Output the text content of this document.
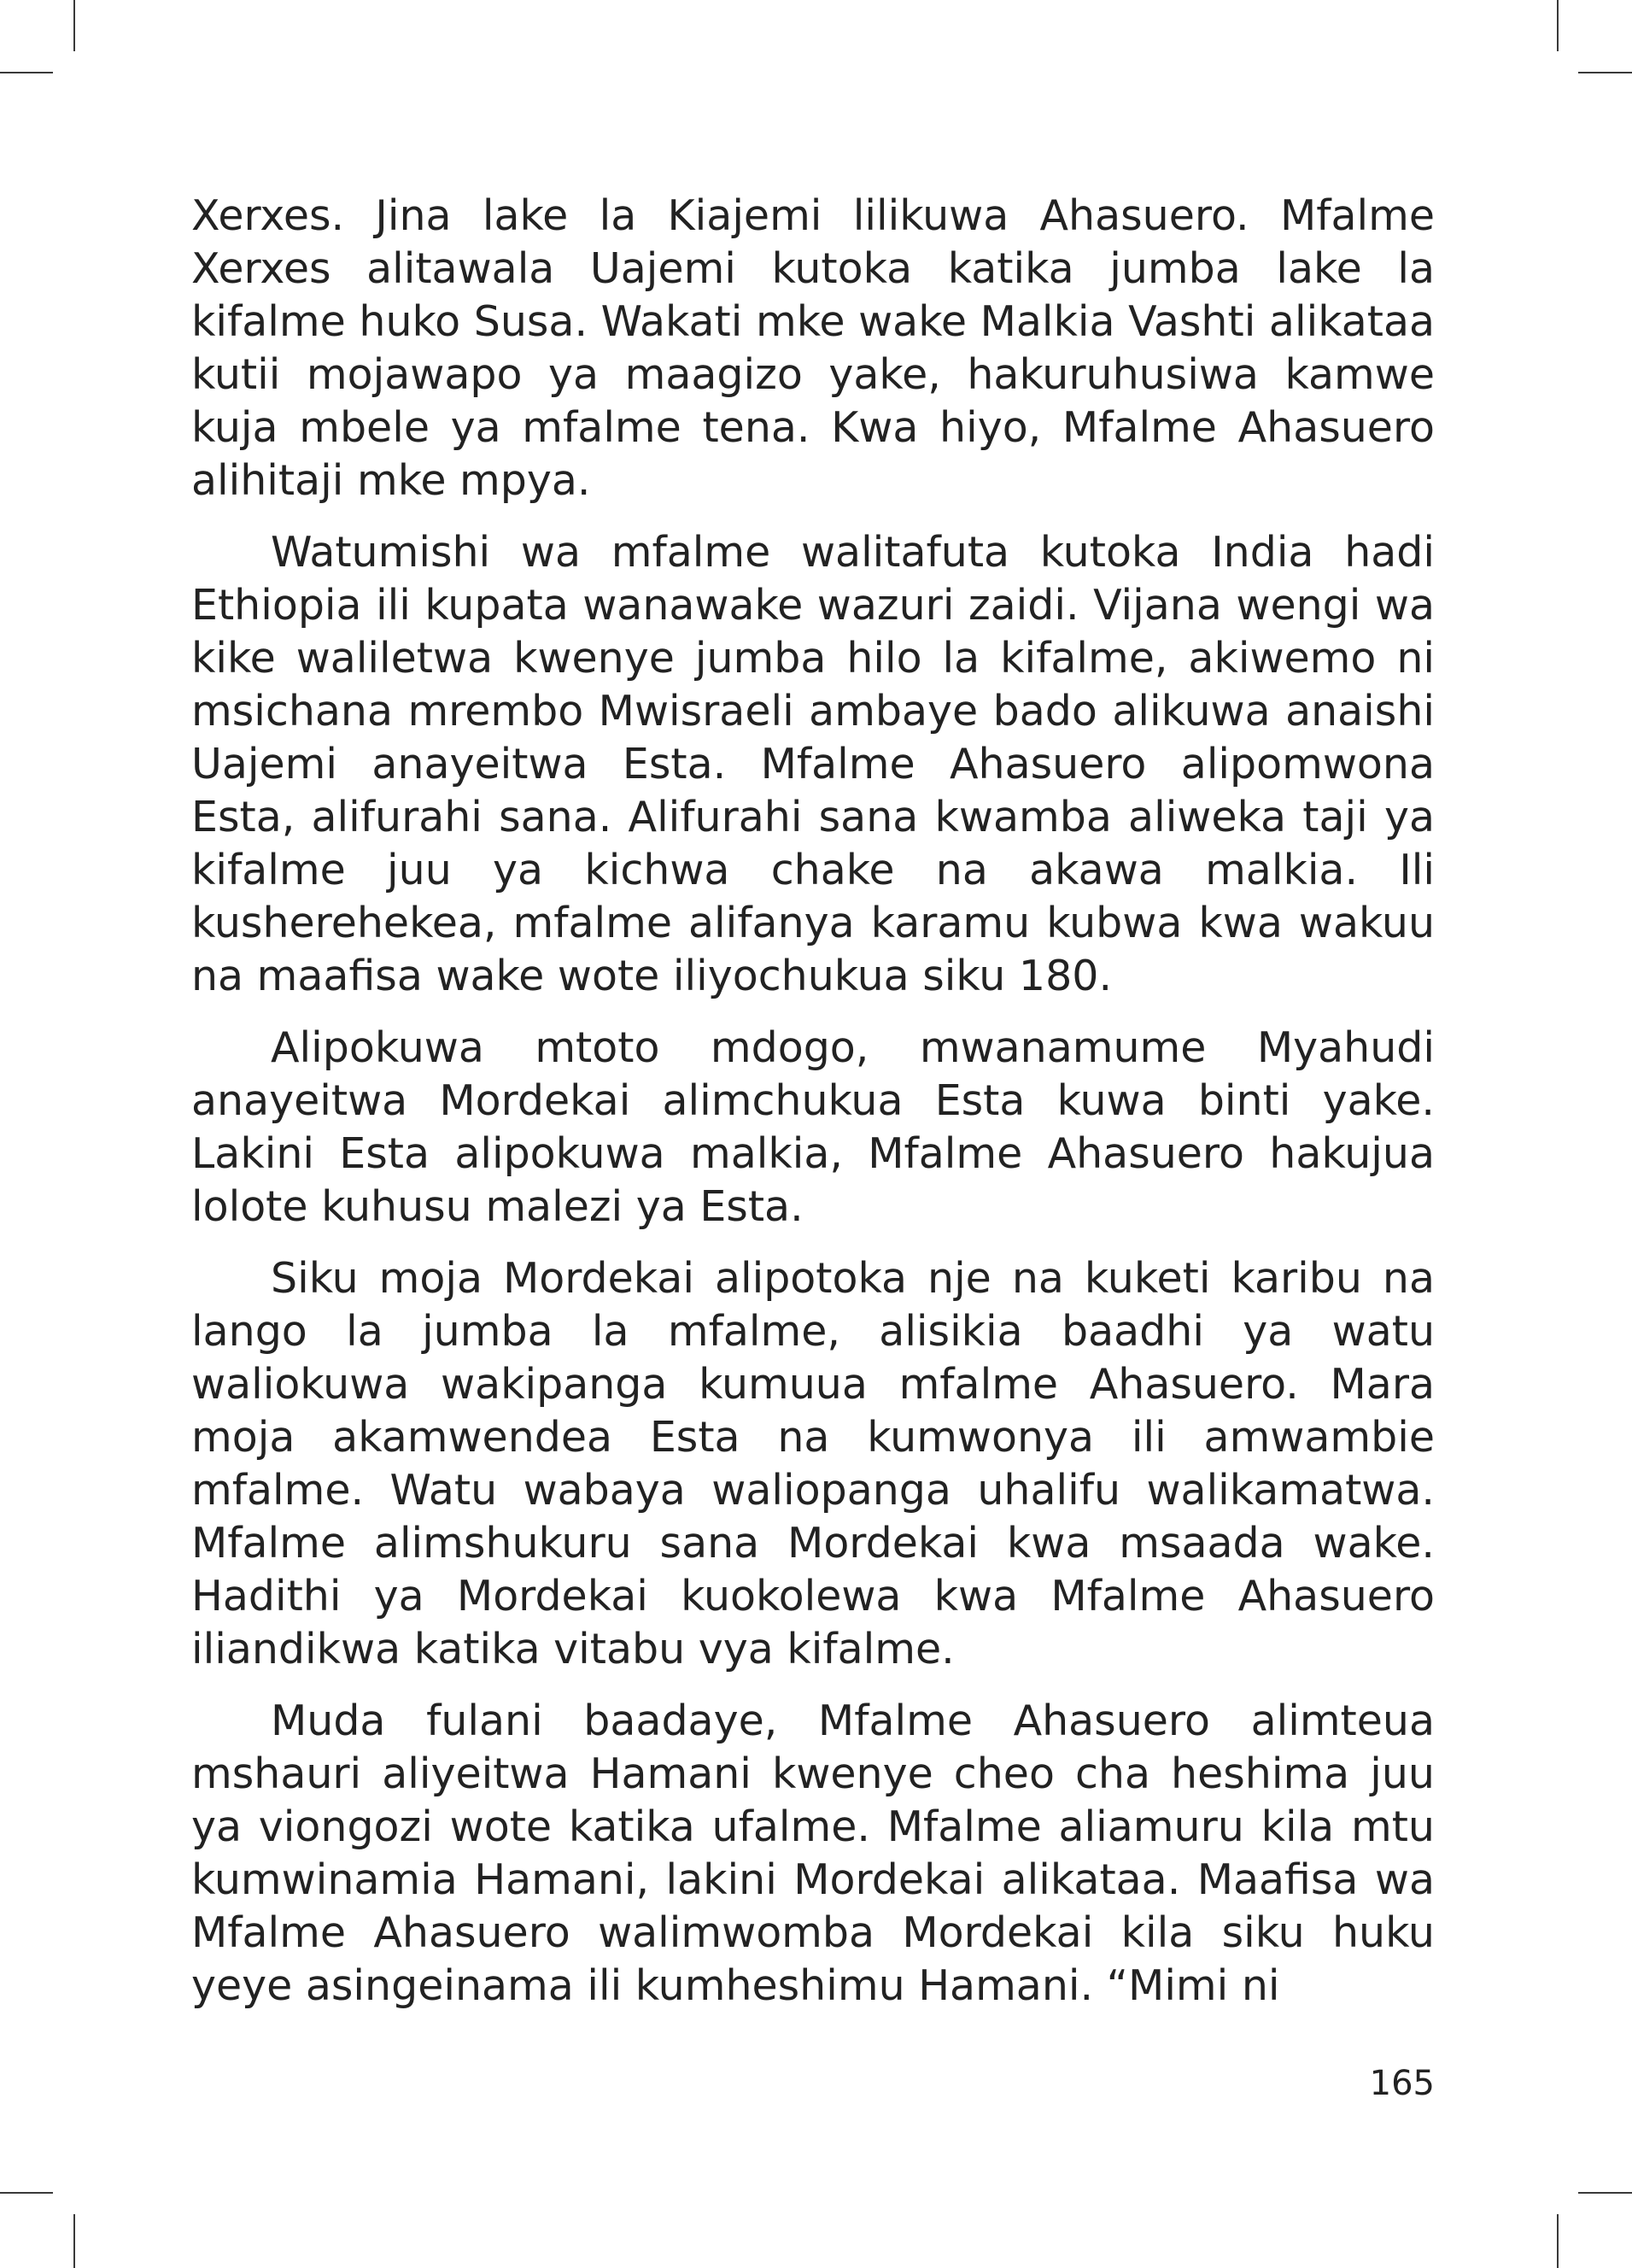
Xerxes. Jina lake la Kiajemi lilikuwa Ahasuero. Mfalme Xerxes alitawala Uajemi kutoka katika jumba lake la kifalme huko Susa. Wakati mke wake Malkia Vashti alikataa kutii mojawapo ya maagizo yake, hakuruhusiwa kamwe kuja mbele ya mfalme tena. Kwa hiyo, Mfalme Ahasuero alihitaji mke mpya.

Watumishi wa mfalme walitafuta kutoka India hadi Ethiopia ili kupata wanawake wazuri zaidi. Vijana wengi wa kike waliletwa kwenye jumba hilo la kifalme, akiwemo ni msichana mrembo Mwisraeli ambaye bado alikuwa anaishi Uajemi anayeitwa Esta. Mfalme Ahasuero alipomwona Esta, alifurahi sana. Alifurahi sana kwamba aliweka taji ya kifalme juu ya kichwa chake na akawa malkia. Ili kusherehekea, mfalme alifanya karamu kubwa kwa wakuu na maafisa wake wote iliyochukua siku 180.

Alipokuwa mtoto mdogo, mwanamume Myahudi anayeitwa Mordekai alimchukua Esta kuwa binti yake. Lakini Esta alipokuwa malkia, Mfalme Ahasuero hakujua lolote kuhusu malezi ya Esta.

Siku moja Mordekai alipotoka nje na kuketi karibu na lango la jumba la mfalme, alisikia baadhi ya watu waliokuwa wakipanga kumuua mfalme Ahasuero. Mara moja akamwendea Esta na kumwonya ili amwambie mfalme. Watu wabaya waliopanga uhalifu walikamatwa. Mfalme alimshukuru sana Mordekai kwa msaada wake. Hadithi ya Mordekai kuokolewa kwa Mfalme Ahasuero iliandikwa katika vitabu vya kifalme.

Muda fulani baadaye, Mfalme Ahasuero alimteua mshauri aliyeitwa Hamani kwenye cheo cha heshima juu ya viongozi wote katika ufalme. Mfalme aliamuru kila mtu kumwinamia Hamani, lakini Mordekai alikataa. Maafisa wa Mfalme Ahasuero walimwomba Mordekai kila siku huku yeye asingeinama ili kumheshimu Hamani. “Mimi ni

165
